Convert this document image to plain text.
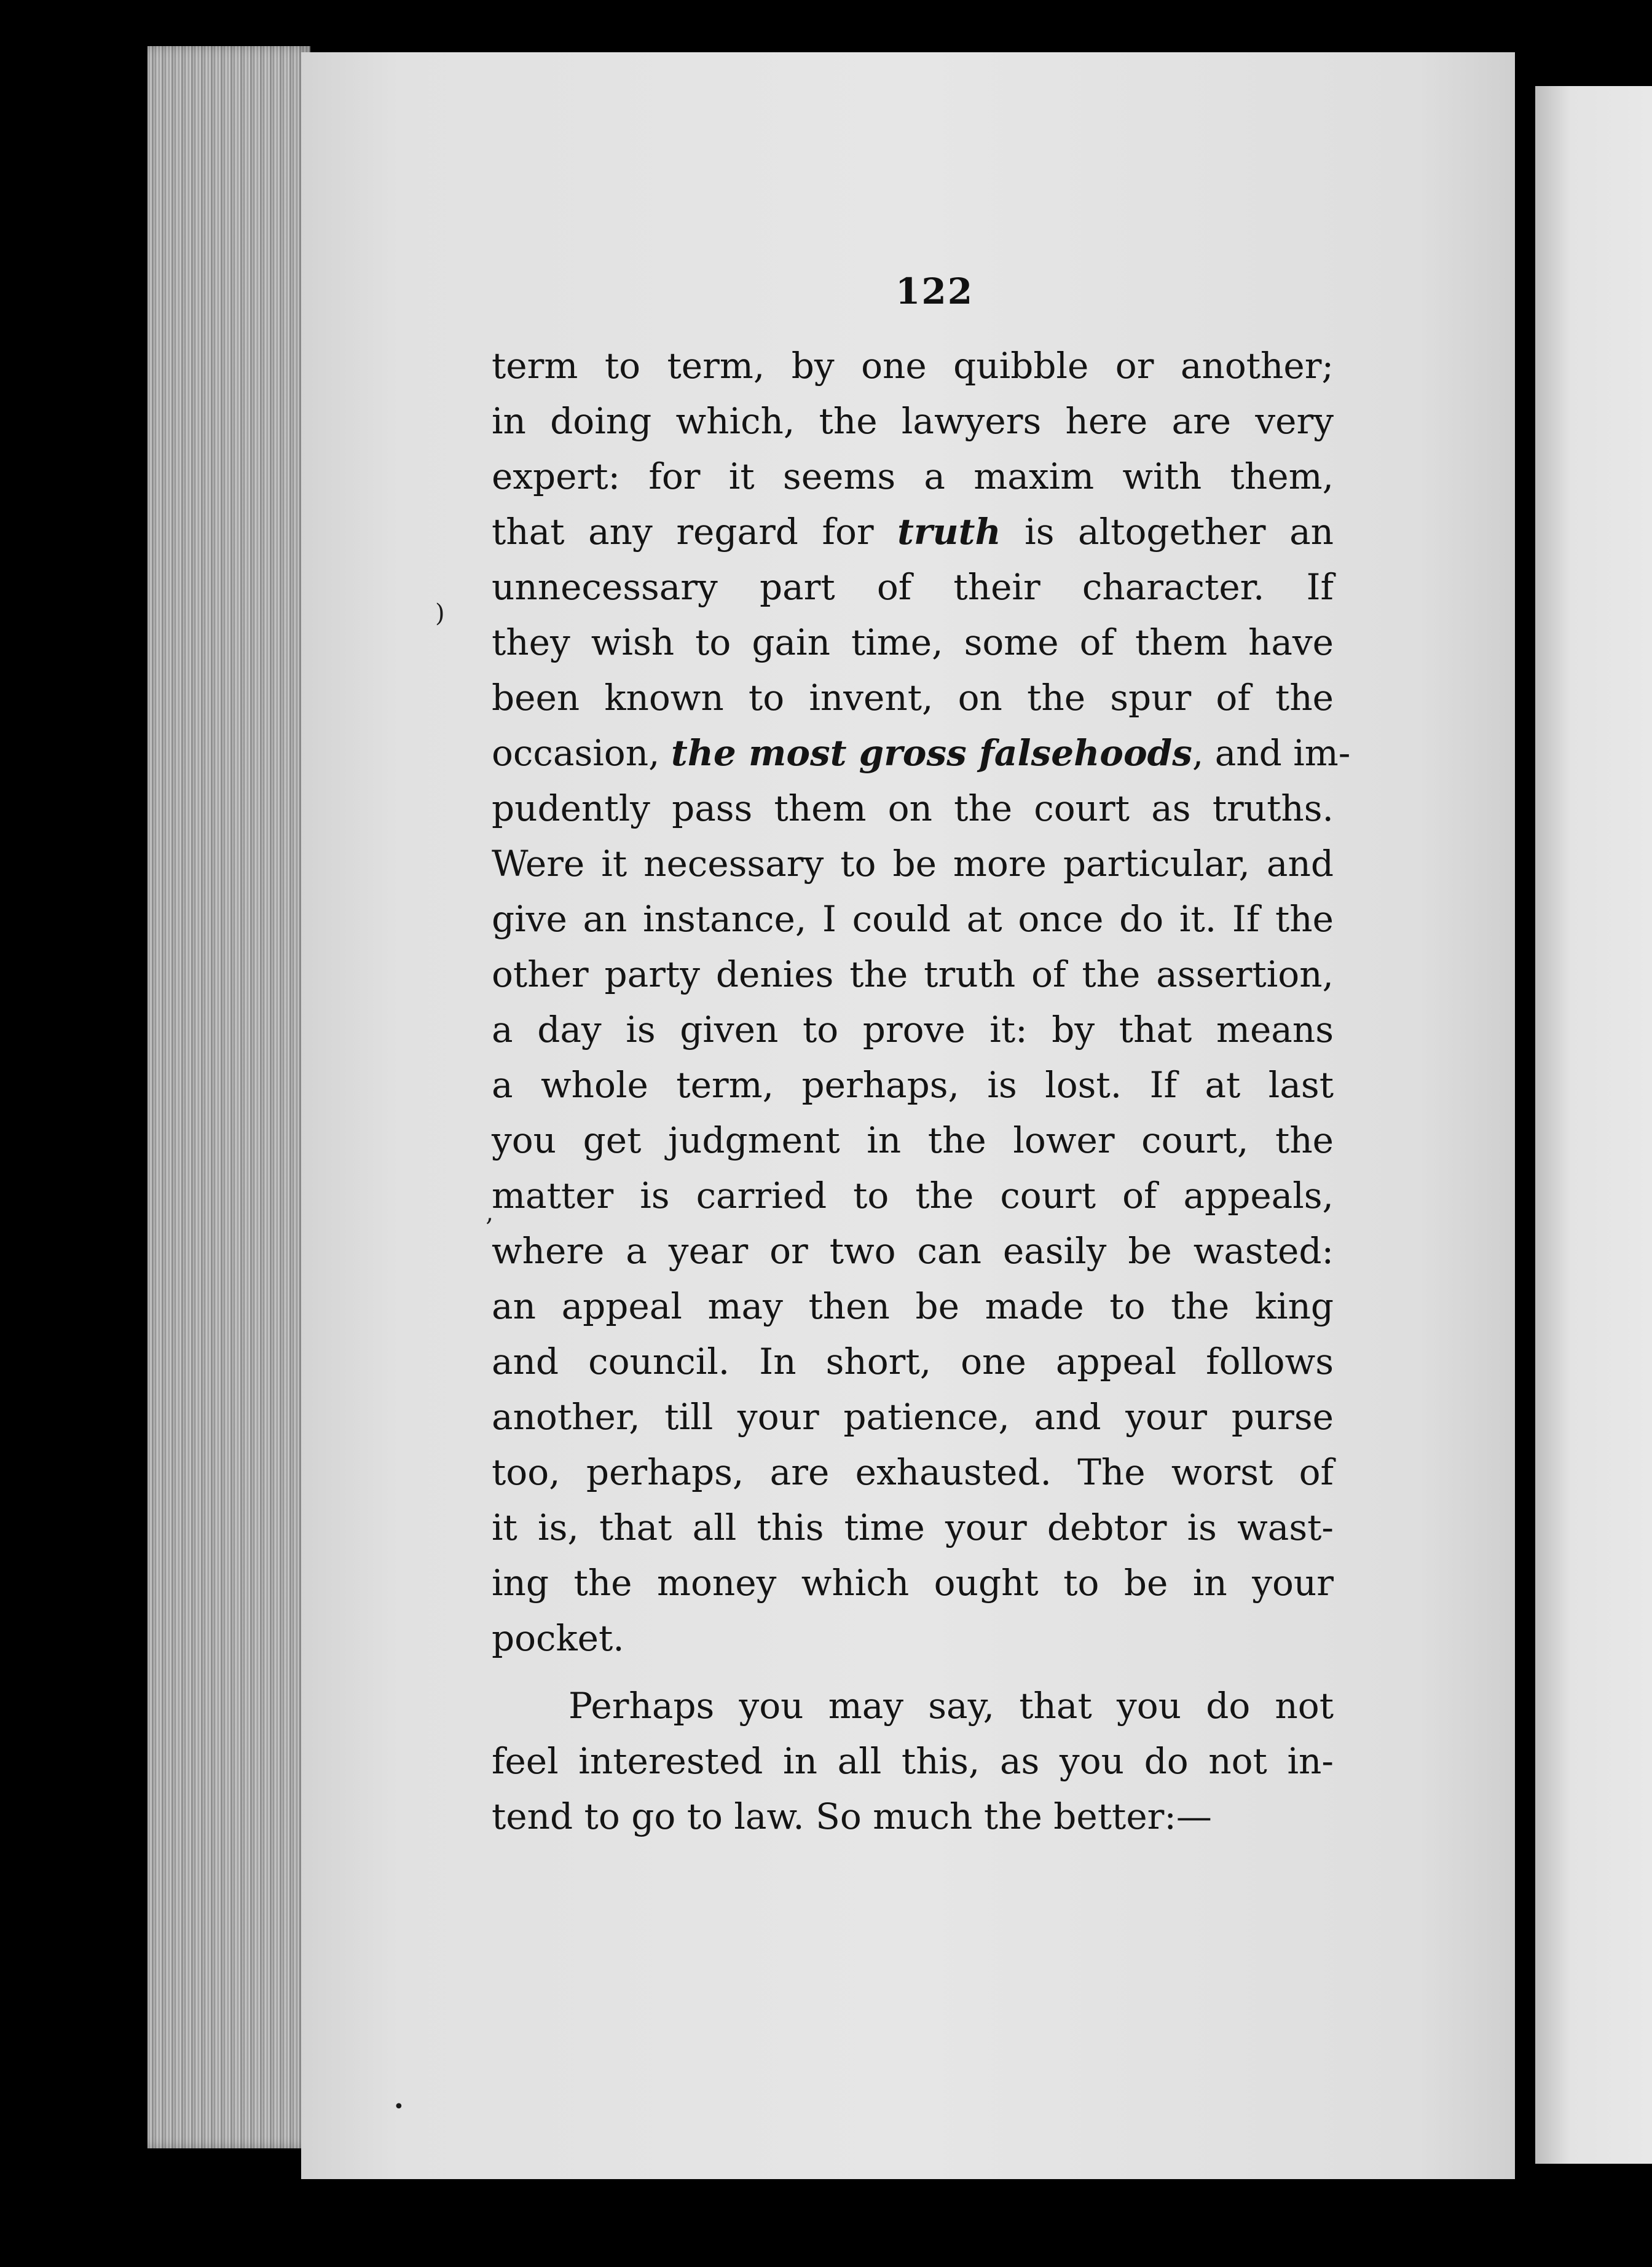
122
term to term, by one quibble or another;
in doing which, the lawyers here are very
expert: for it seems a maxim with them,
that any regard for truth is altogether an
unnecessary part of their character. If
they wish to gain time, some of them have
been known to invent, on the spur of the
occasion, the most gross falsehoods, and im-
pudently pass them on the court as truths.
Were it necessary to be more particular, and
give an instance, I could at once do it. If the
other party denies the truth of the assertion,
a day is given to prove it: by that means
a whole term, perhaps, is lost. If at last
you get judgment in the lower court, the
matter is carried to the court of appeals,
where a year or two can easily be wasted:
an appeal may then be made to the king
and council. In short, one appeal follows
another, till your patience, and your purse
too, perhaps, are exhausted. The worst of
it is, that all this time your debtor is wast-
ing the money which ought to be in your
pocket.
Perhaps you may say, that you do not
feel interested in all this, as you do not in-
tend to go to law. So much the better:—
)
‚
•
